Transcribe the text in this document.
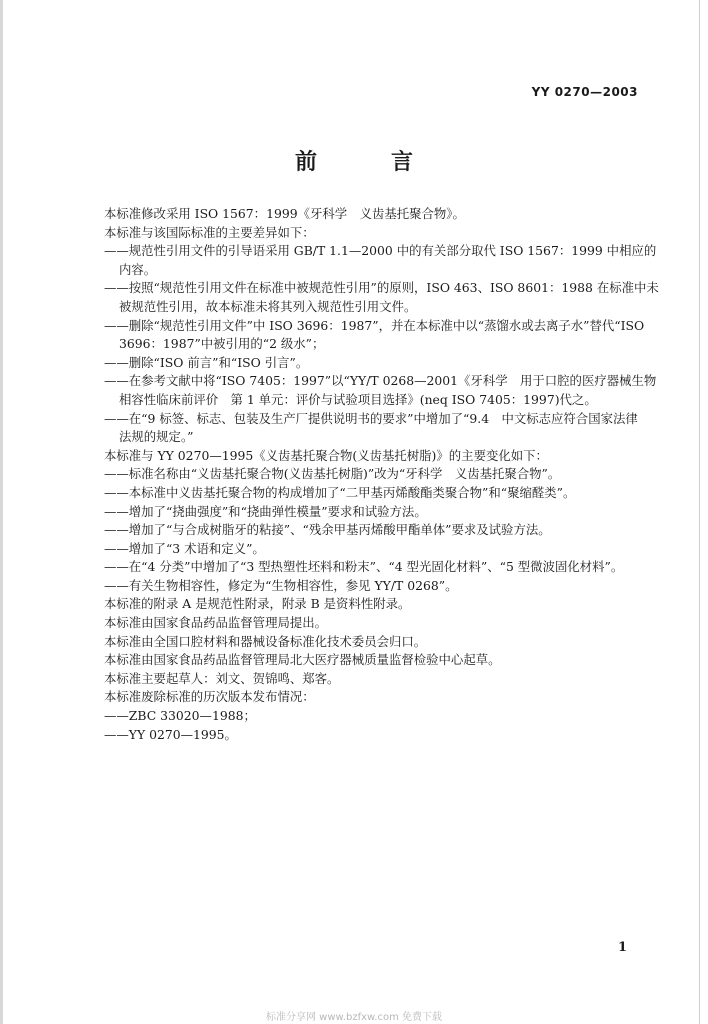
YY 0270—2003
前　言
本标准修改采用 ISO 1567：1999《牙科学　义齿基托聚合物》。
本标准与该国际标准的主要差异如下：
——规范性引用文件的引导语采用 GB/T 1.1—2000 中的有关部分取代 ISO 1567：1999 中相应的
内容。
——按照“规范性引用文件在标准中被规范性引用”的原则，ISO 463、ISO 8601：1988 在标准中未
被规范性引用，故本标准未将其列入规范性引用文件。
——删除“规范性引用文件”中 ISO 3696：1987”，并在本标准中以“蒸馏水或去离子水”替代“ISO
3696：1987”中被引用的“2 级水”；
——删除“ISO 前言”和“ISO 引言”。
——在参考文献中将“ISO 7405：1997”以“YY/T 0268—2001《牙科学　用于口腔的医疗器械生物
相容性临床前评价　第 1 单元：评价与试验项目选择》(neq ISO 7405：1997)代之。
——在“9 标签、标志、包装及生产厂提供说明书的要求”中增加了“9.4　中文标志应符合国家法律
法规的规定。”
本标准与 YY 0270—1995《义齿基托聚合物(义齿基托树脂)》的主要变化如下：
——标准名称由“义齿基托聚合物(义齿基托树脂)”改为“牙科学　义齿基托聚合物”。
——本标准中义齿基托聚合物的构成增加了“二甲基丙烯酸酯类聚合物”和“聚缩醛类”。
——增加了“挠曲强度”和“挠曲弹性模量”要求和试验方法。
——增加了“与合成树脂牙的粘接”、“残余甲基丙烯酸甲酯单体”要求及试验方法。
——增加了“3 术语和定义”。
——在“4 分类”中增加了“3 型热塑性坯料和粉末”、“4 型光固化材料”、“5 型微波固化材料”。
——有关生物相容性，修定为“生物相容性，参见 YY/T 0268”。
本标准的附录 A 是规范性附录，附录 B 是资料性附录。
本标准由国家食品药品监督管理局提出。
本标准由全国口腔材料和器械设备标准化技术委员会归口。
本标准由国家食品药品监督管理局北大医疗器械质量监督检验中心起草。
本标准主要起草人：刘文、贺锦鸣、郑客。
本标准废除标准的历次版本发布情况：
——ZBC 33020—1988；
——YY 0270—1995。
1
标准分享网 www.bzfxw.com 免费下载
